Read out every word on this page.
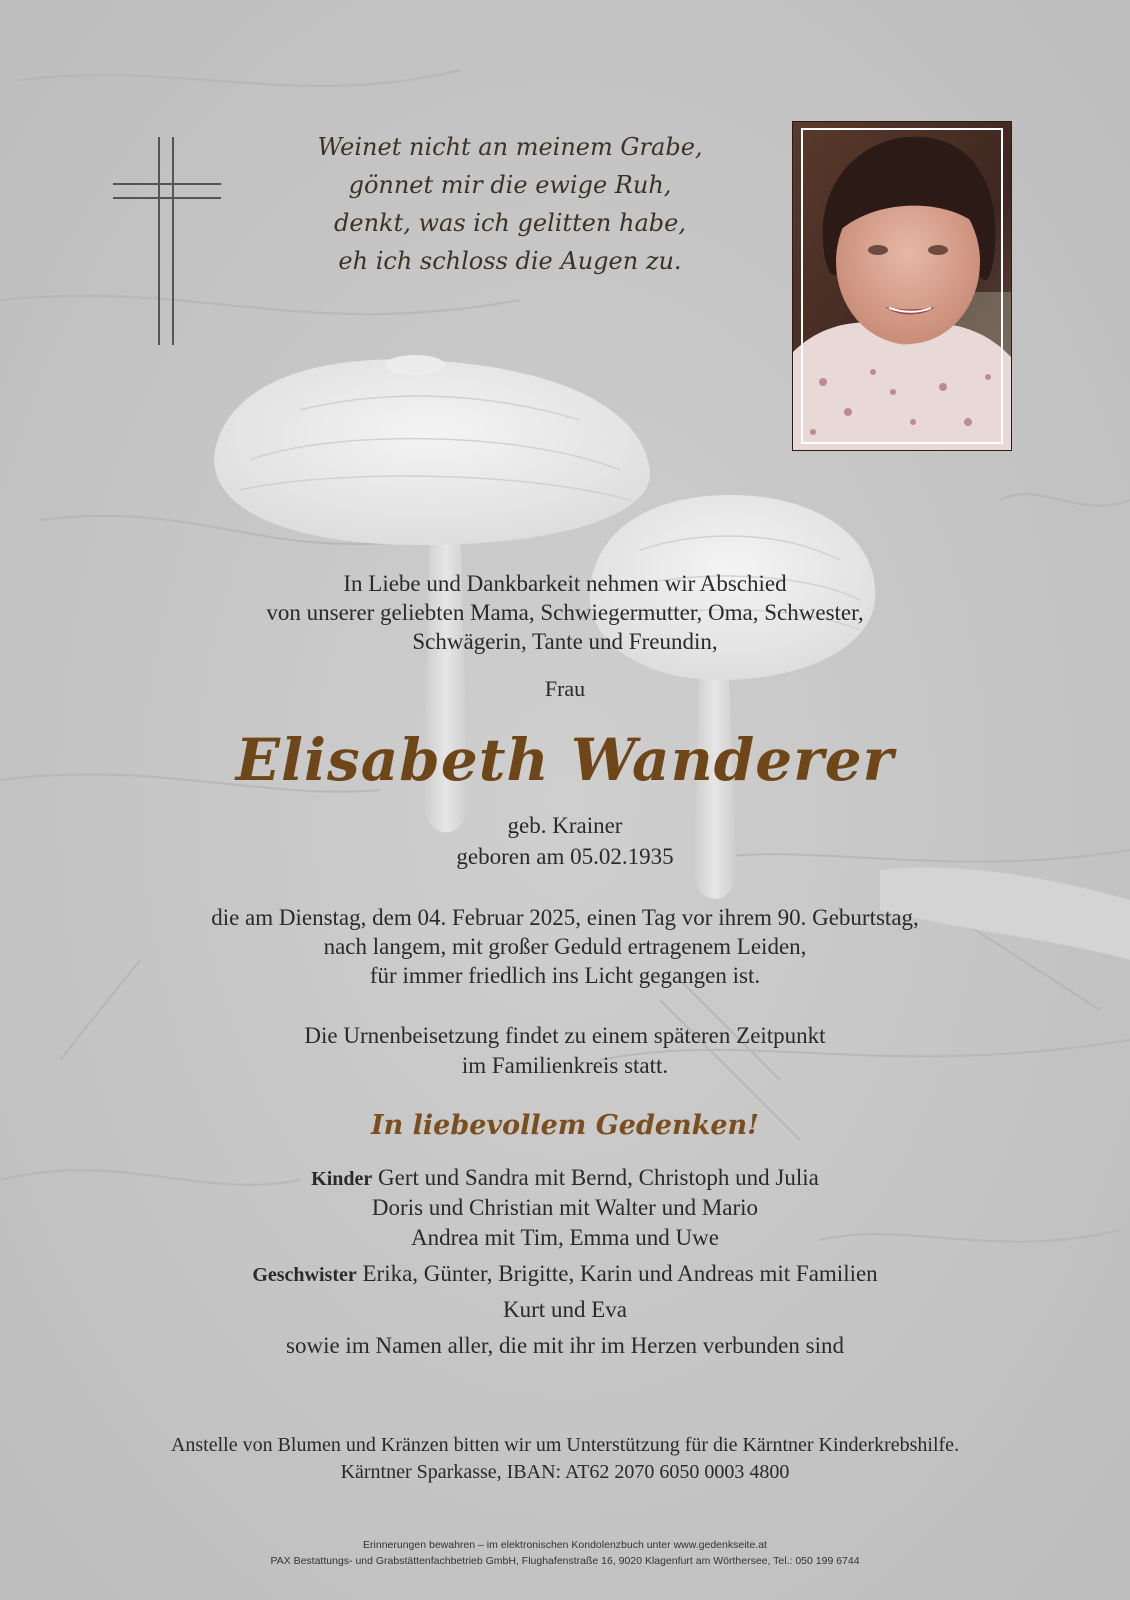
Weinet nicht an meinem Grabe,
gönnet mir die ewige Ruh,
denkt, was ich gelitten habe,
eh ich schloss die Augen zu.
In Liebe und Dankbarkeit nehmen wir Abschied
von unserer geliebten Mama, Schwiegermutter, Oma, Schwester,
Schwägerin, Tante und Freundin,
Frau
Elisabeth Wanderer
geb. Krainer
geboren am 05.02.1935
die am Dienstag, dem 04. Februar 2025, einen Tag vor ihrem 90. Geburtstag,
nach langem, mit großer Geduld ertragenem Leiden,
für immer friedlich ins Licht gegangen ist.
Die Urnenbeisetzung findet zu einem späteren Zeitpunkt
im Familienkreis statt.
In liebevollem Gedenken!
Kinder Gert und Sandra mit Bernd, Christoph und Julia
Doris und Christian mit Walter und Mario
Andrea mit Tim, Emma und Uwe
Geschwister Erika, Günter, Brigitte, Karin und Andreas mit Familien
Kurt und Eva
sowie im Namen aller, die mit ihr im Herzen verbunden sind
Anstelle von Blumen und Kränzen bitten wir um Unterstützung für die Kärntner Kinderkrebshilfe.
Kärntner Sparkasse, IBAN: AT62 2070 6050 0003 4800
Erinnerungen bewahren – im elektronischen Kondolenzbuch unter www.gedenkseite.at
PAX Bestattungs- und Grabstättenfachbetrieb GmbH, Flughafenstraße 16, 9020 Klagenfurt am Wörthersee, Tel.: 050 199 6744
